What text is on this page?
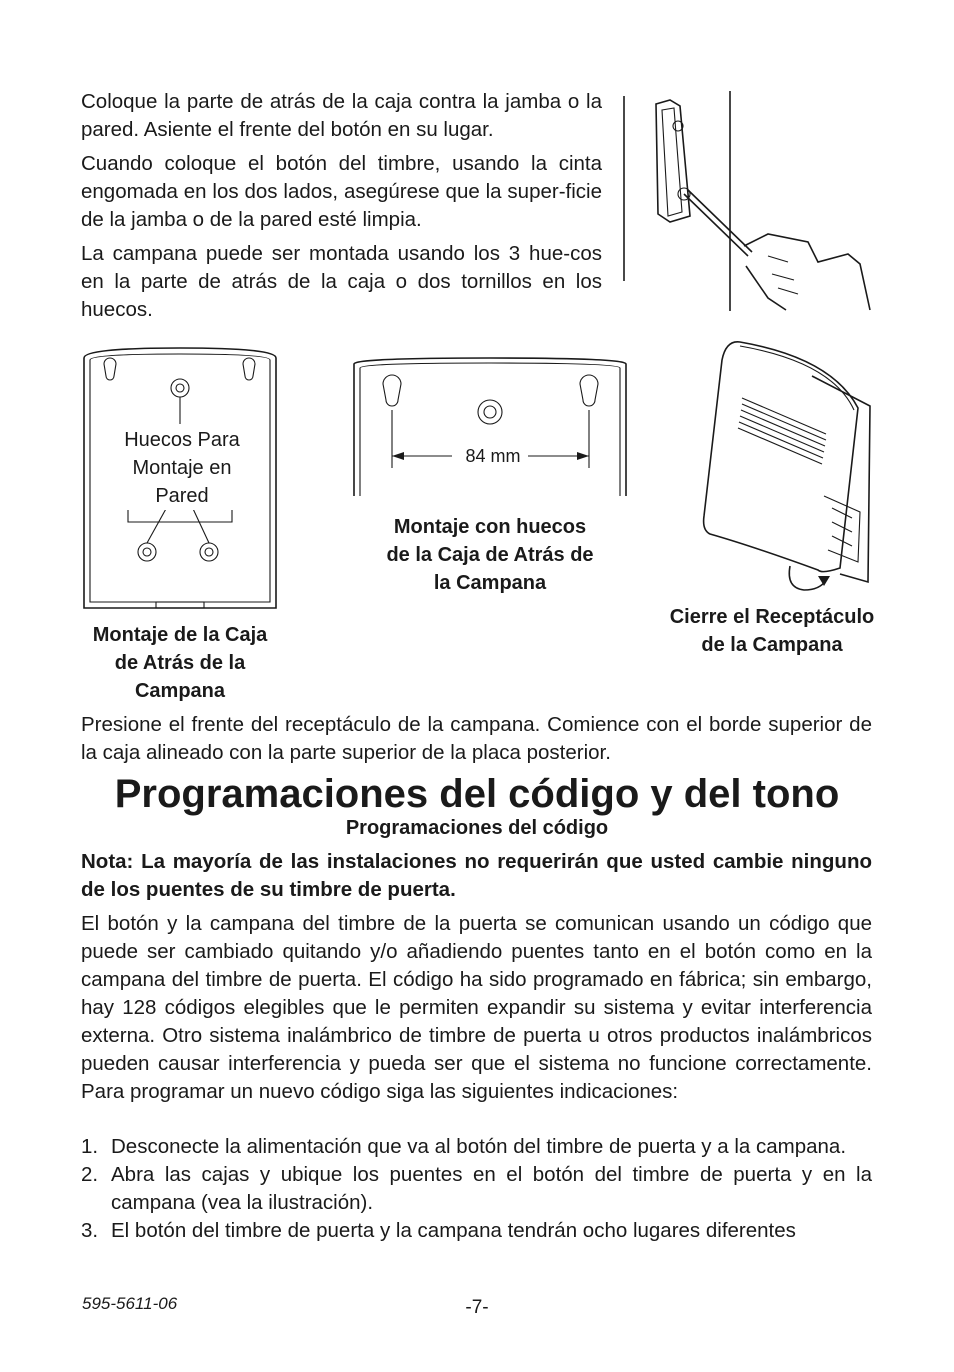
Coloque la parte de atrás de la caja contra la jamba o la pared. Asiente el frente del botón en su lugar.

Cuando coloque el botón del timbre, usando la cinta engomada en los dos lados, asegúrese que la super-ficie de la jamba o de la pared esté limpia.

La campana puede ser montada usando los 3 hue-cos en la parte de atrás de la caja o dos tornillos en los huecos.

Huecos Para Montaje en Pared
Montaje de la Caja de Atrás de la Campana
84 mm
Montaje con huecos de la Caja de Atrás de la Campana
Cierre el Receptáculo de la Campana

Presione el frente del receptáculo de la campana. Comience con el borde superior de la caja alineado con la parte superior de la placa posterior.

Programaciones del código y del tono
Programaciones del código

Nota: La mayoría de las instalaciones no requerirán que usted cambie ninguno de los puentes de su timbre de puerta.

El botón y la campana del timbre de la puerta se comunican usando un código que puede ser cambiado quitando y/o añadiendo puentes tanto en el botón como en la campana del timbre de puerta. El código ha sido programado en fábrica; sin embargo, hay 128 códigos elegibles que le permiten expandir su sistema y evitar interferencia externa. Otro sistema inalámbrico de timbre de puerta u otros productos inalámbricos pueden causar interferencia y pueda ser que el sistema no funcione correctamente. Para programar un nuevo código siga las siguientes indicaciones:

1. Desconecte la alimentación que va al botón del timbre de puerta y a la campana.
2. Abra las cajas y ubique los puentes en el botón del timbre de puerta y en la campana (vea la ilustración).
3. El botón del timbre de puerta y la campana tendrán ocho lugares diferentes
595-5611-06	-7-
